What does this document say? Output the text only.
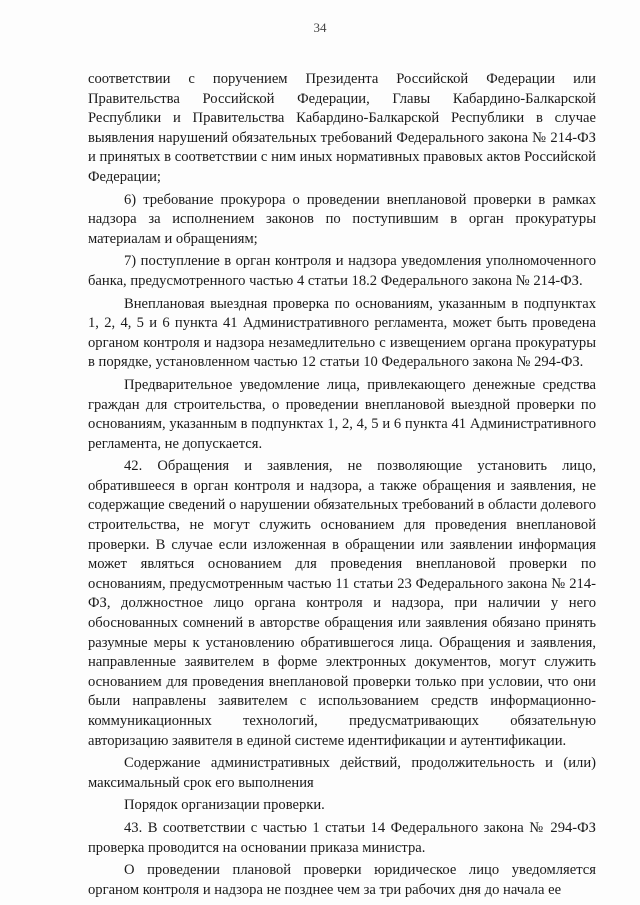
34

соответствии с поручением Президента Российской Федерации или Правительства Российской Федерации, Главы Кабардино-Балкарской Республики и Правительства Кабардино-Балкарской Республики в случае выявления нарушений обязательных требований Федерального закона № 214-ФЗ и принятых в соответствии с ним иных нормативных правовых актов Российской Федерации;

6) требование прокурора о проведении внеплановой проверки в рамках надзора за исполнением законов по поступившим в орган прокуратуры материалам и обращениям;

7) поступление в орган контроля и надзора уведомления уполномоченного банка, предусмотренного частью 4 статьи 18.2 Федерального закона № 214-ФЗ.

Внеплановая выездная проверка по основаниям, указанным в подпунктах 1, 2, 4, 5 и 6 пункта 41 Административного регламента, может быть проведена органом контроля и надзора незамедлительно с извещением органа прокуратуры в порядке, установленном частью 12 статьи 10 Федерального закона № 294-ФЗ.

Предварительное уведомление лица, привлекающего денежные средства граждан для строительства, о проведении внеплановой выездной проверки по основаниям, указанным в подпунктах 1, 2, 4, 5 и 6 пункта 41 Административного регламента, не допускается.

42. Обращения и заявления, не позволяющие установить лицо, обратившееся в орган контроля и надзора, а также обращения и заявления, не содержащие сведений о нарушении обязательных требований в области долевого строительства, не могут служить основанием для проведения внеплановой проверки. В случае если изложенная в обращении или заявлении информация может являться основанием для проведения внеплановой проверки по основаниям, предусмотренным частью 11 статьи 23 Федерального закона № 214-ФЗ, должностное лицо органа контроля и надзора, при наличии у него обоснованных сомнений в авторстве обращения или заявления обязано принять разумные меры к установлению обратившегося лица. Обращения и заявления, направленные заявителем в форме электронных документов, могут служить основанием для проведения внеплановой проверки только при условии, что они были направлены заявителем с использованием средств информационно-коммуникационных технологий, предусматривающих обязательную авторизацию заявителя в единой системе идентификации и аутентификации.

Содержание административных действий, продолжительность и (или) максимальный срок его выполнения

Порядок организации проверки.

43. В соответствии с частью 1 статьи 14 Федерального закона № 294-ФЗ проверка проводится на основании приказа министра.

О проведении плановой проверки юридическое лицо уведомляется органом контроля и надзора не позднее чем за три рабочих дня до начала ее
